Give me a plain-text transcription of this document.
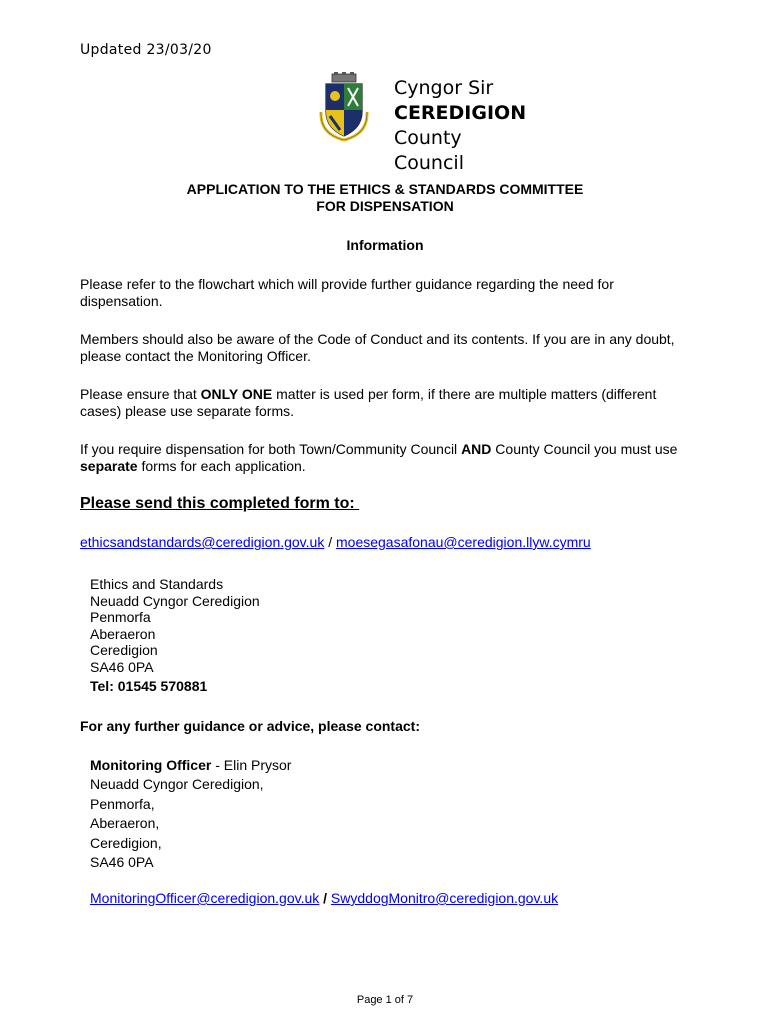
Updated 23/03/20
Cyngor Sir
CEREDIGION
County
Council
APPLICATION TO THE ETHICS & STANDARDS COMMITTEE
FOR DISPENSATION
Information
Please refer to the flowchart which will provide further guidance regarding the need for dispensation.
Members should also be aware of the Code of Conduct and its contents. If you are in any doubt, please contact the Monitoring Officer.
Please ensure that ONLY ONE matter is used per form, if there are multiple matters (different cases) please use separate forms.
If you require dispensation for both Town/Community Council AND County Council you must use separate forms for each application.
Please send this completed form to:
ethicsandstandards@ceredigion.gov.uk / moesegasafonau@ceredigion.llyw.cymru
Ethics and Standards
Neuadd Cyngor Ceredigion
Penmorfa
Aberaeron
Ceredigion
SA46 0PA
Tel: 01545 570881
For any further guidance or advice, please contact:
Monitoring Officer - Elin Prysor
Neuadd Cyngor Ceredigion,
Penmorfa,
Aberaeron,
Ceredigion,
SA46 0PA
MonitoringOfficer@ceredigion.gov.uk / SwyddogMonitro@ceredigion.gov.uk
Page 1 of 7
